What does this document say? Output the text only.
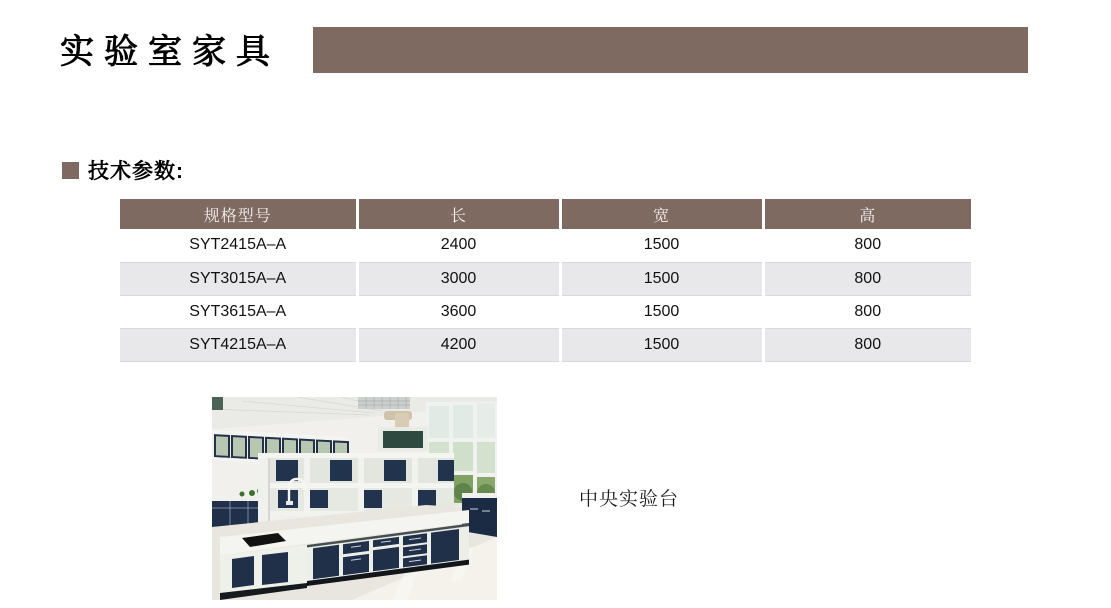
实验室家具
技术参数:
规格型号	长	宽	高
SYT2415A–A	2400	1500	800
SYT3015A–A	3000	1500	800
SYT3615A–A	3600	1500	800
SYT4215A–A	4200	1500	800
中央实验台
